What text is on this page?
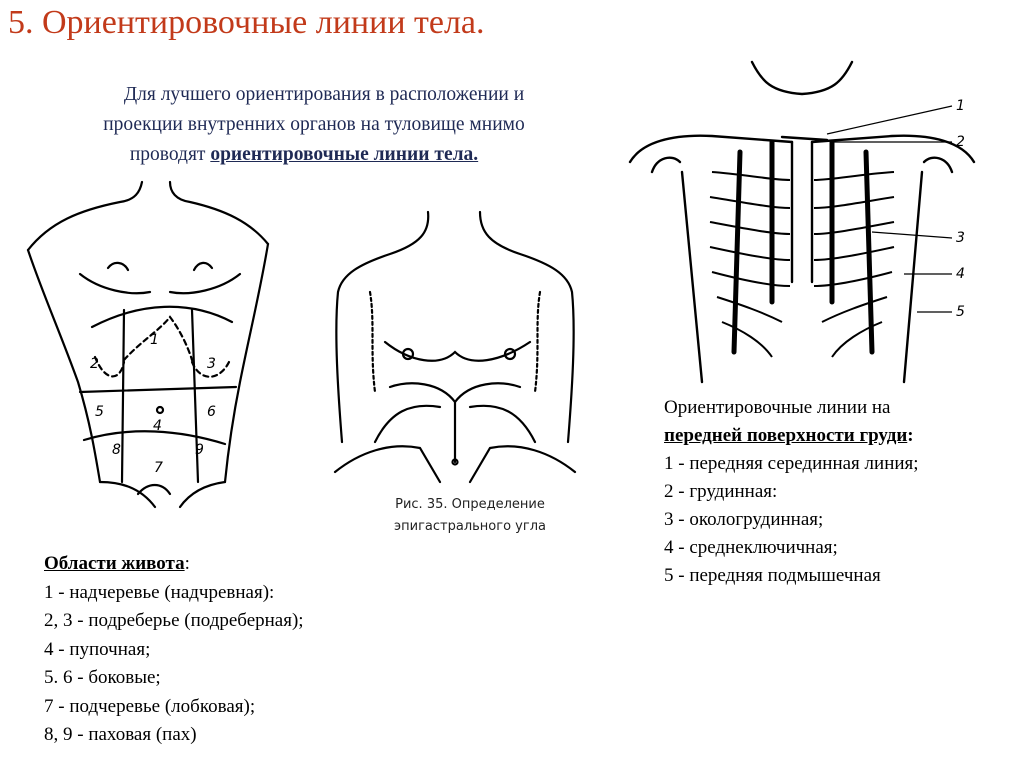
5. Ориентировочные линии тела.
Для лучшего ориентирования в расположении и
проекции внутренних органов на туловище мнимо
проводят ориентировочные линии тела.
1
2	3
5
4
6
8
7
9
Рис. 35. Определение
эпигастрального угла
1
2
3
4
5
Области живота:
1 - надчеревье (надчревная):
2, 3 - подреберье (подреберная);
4 - пупочная;
5. 6 - боковые;
7 - подчеревье (лобковая);
8, 9 - паховая (пах)
Ориентировочные линии на
передней поверхности груди:
1 - передняя серединная линия;
2 - грудинная:
3 - окологрудинная;
4 - среднеключичная;
5 - передняя подмышечная
